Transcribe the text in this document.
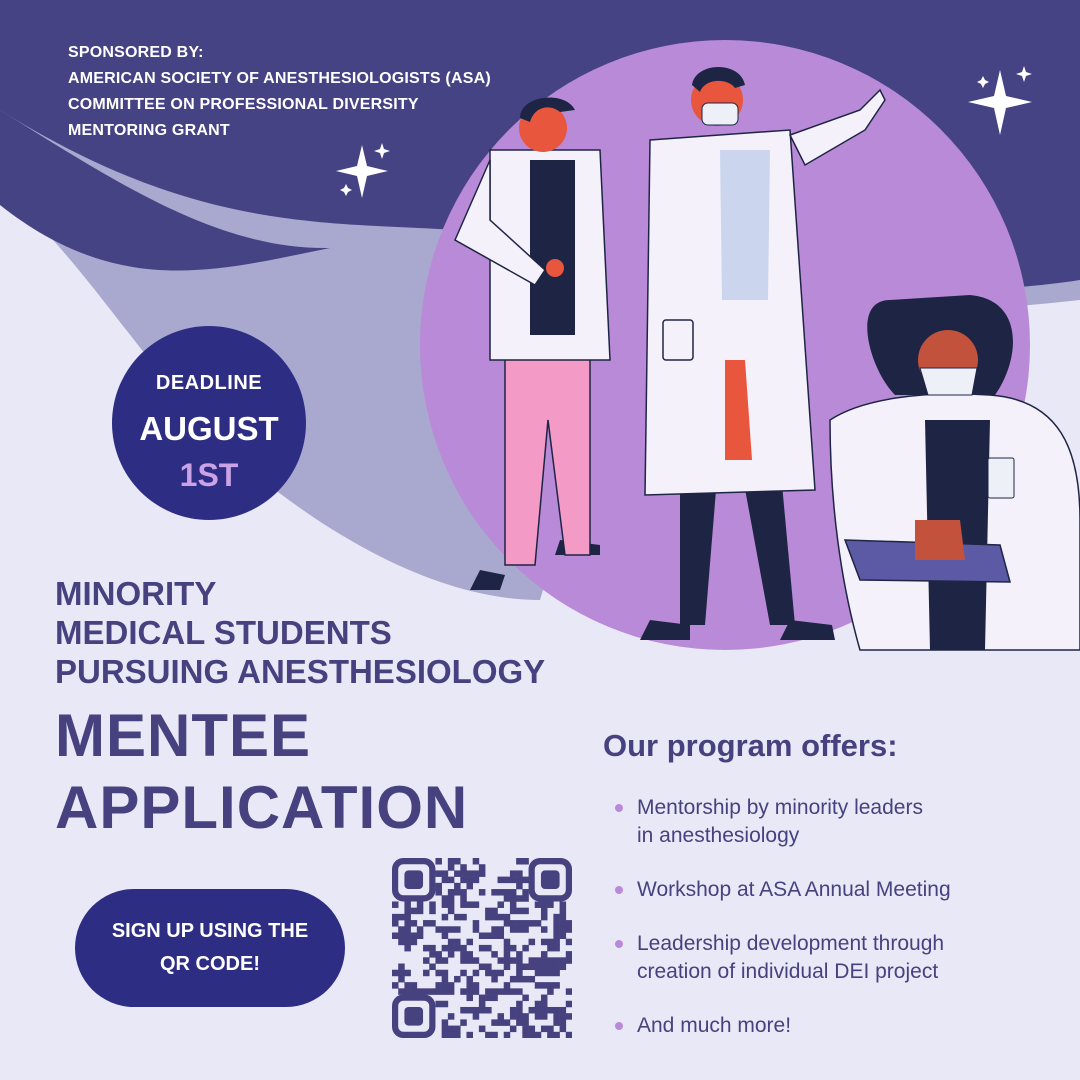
SPONSORED BY:
AMERICAN SOCIETY OF ANESTHESIOLOGISTS (ASA)
COMMITTEE ON PROFESSIONAL DIVERSITY
MENTORING GRANT
DEADLINE
AUGUST
1ST
MINORITY
MEDICAL STUDENTS
PURSUING ANESTHESIOLOGY
MENTEE
APPLICATION
SIGN UP USING THE
QR CODE!
Our program offers:
Mentorship by minority leaders
in anesthesiology
Workshop at ASA Annual Meeting
Leadership development through
creation of individual DEI project
And much more!
